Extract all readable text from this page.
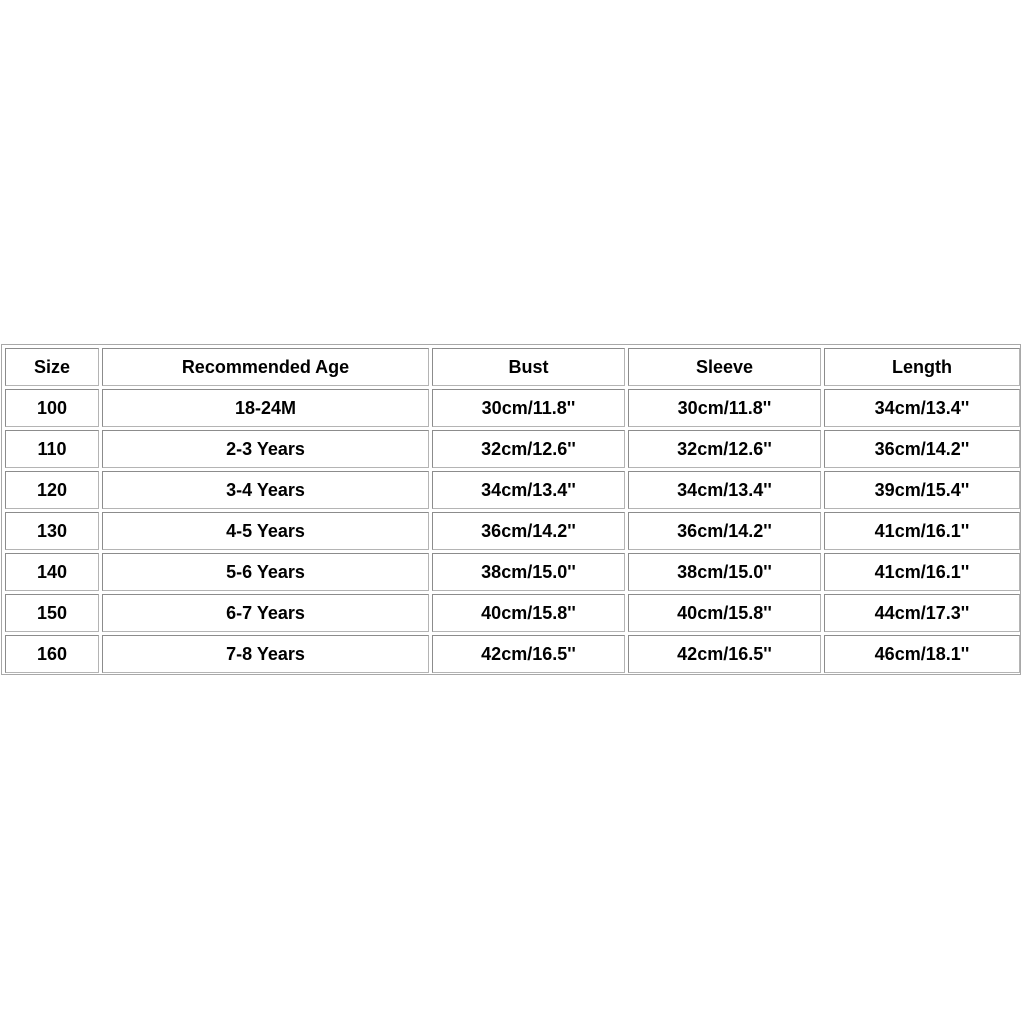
Size	Recommended Age	Bust	Sleeve	Length
100	18-24M	30cm/11.8''	30cm/11.8''	34cm/13.4''
110	2-3 Years	32cm/12.6''	32cm/12.6''	36cm/14.2''
120	3-4 Years	34cm/13.4''	34cm/13.4''	39cm/15.4''
130	4-5 Years	36cm/14.2''	36cm/14.2''	41cm/16.1''
140	5-6 Years	38cm/15.0''	38cm/15.0''	41cm/16.1''
150	6-7 Years	40cm/15.8''	40cm/15.8''	44cm/17.3''
160	7-8 Years	42cm/16.5''	42cm/16.5''	46cm/18.1''
